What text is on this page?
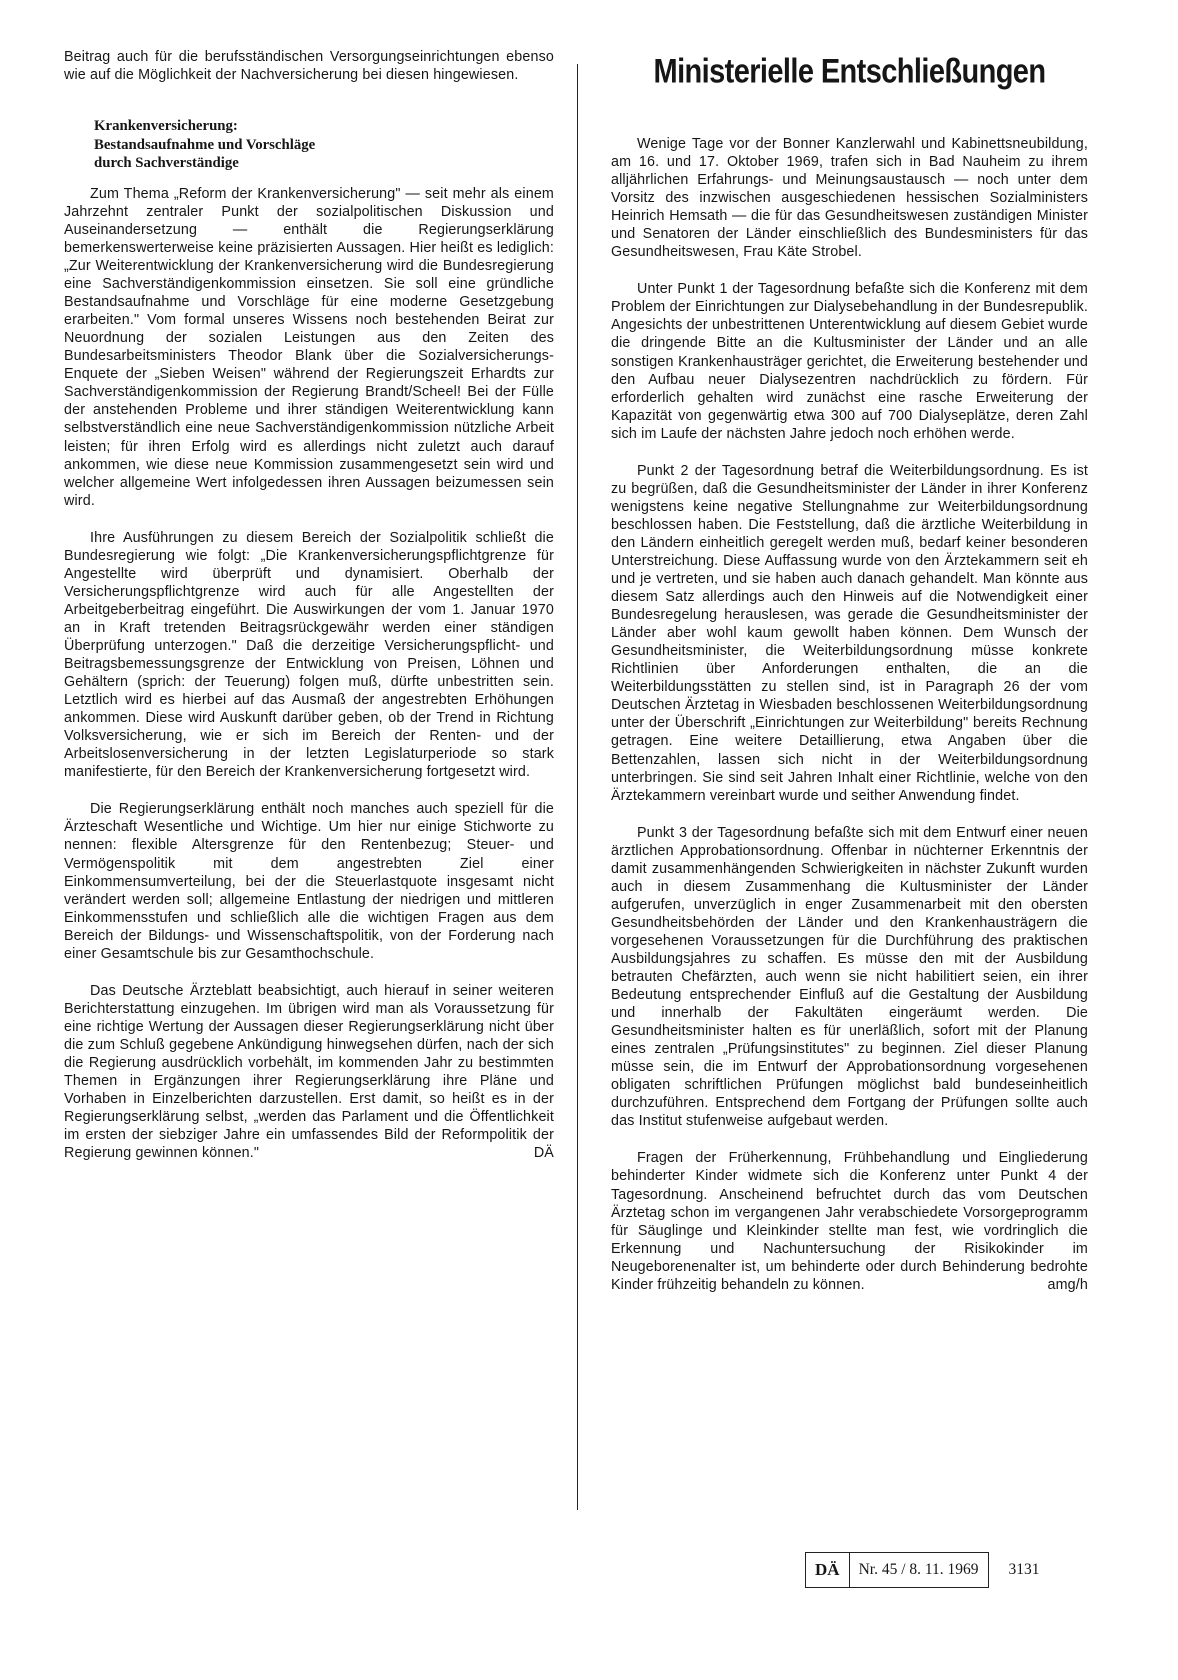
Beitrag auch für die berufsständischen Versorgungseinrichtungen ebenso wie auf die Möglichkeit der Nachversicherung bei diesen hingewiesen.

Krankenversicherung:
Bestandsaufnahme und Vorschläge
durch Sachverständige

Zum Thema „Reform der Krankenversicherung" — seit mehr als einem Jahrzehnt zentraler Punkt der sozialpolitischen Diskussion und Auseinandersetzung — enthält die Regierungserklärung bemerkenswerterweise keine präzisierten Aussagen. Hier heißt es lediglich: „Zur Weiterentwicklung der Krankenversicherung wird die Bundesregierung eine Sachverständigenkommission einsetzen. Sie soll eine gründliche Bestandsaufnahme und Vorschläge für eine moderne Gesetzgebung erarbeiten." Vom formal unseres Wissens noch bestehenden Beirat zur Neuordnung der sozialen Leistungen aus den Zeiten des Bundesarbeitsministers Theodor Blank über die Sozialversicherungs-Enquete der „Sieben Weisen" während der Regierungszeit Erhardts zur Sachverständigenkommission der Regierung Brandt/Scheel! Bei der Fülle der anstehenden Probleme und ihrer ständigen Weiterentwicklung kann selbstverständlich eine neue Sachverständigenkommission nützliche Arbeit leisten; für ihren Erfolg wird es allerdings nicht zuletzt auch darauf ankommen, wie diese neue Kommission zusammengesetzt sein wird und welcher allgemeine Wert infolgedessen ihren Aussagen beizumessen sein wird.

Ihre Ausführungen zu diesem Bereich der Sozialpolitik schließt die Bundesregierung wie folgt: „Die Krankenversicherungspflichtgrenze für Angestellte wird überprüft und dynamisiert. Oberhalb der Versicherungspflichtgrenze wird auch für alle Angestellten der Arbeitgeberbeitrag eingeführt. Die Auswirkungen der vom 1. Januar 1970 an in Kraft tretenden Beitragsrückgewähr werden einer ständigen Überprüfung unterzogen." Daß die derzeitige Versicherungspflicht- und Beitragsbemessungsgrenze der Entwicklung von Preisen, Löhnen und Gehältern (sprich: der Teuerung) folgen muß, dürfte unbestritten sein. Letztlich wird es hierbei auf das Ausmaß der angestrebten Erhöhungen ankommen. Diese wird Auskunft darüber geben, ob der Trend in Richtung Volksversicherung, wie er sich im Bereich der Renten- und der Arbeitslosenversicherung in der letzten Legislaturperiode so stark manifestierte, für den Bereich der Krankenversicherung fortgesetzt wird.

Die Regierungserklärung enthält noch manches auch speziell für die Ärzteschaft Wesentliche und Wichtige. Um hier nur einige Stichworte zu nennen: flexible Altersgrenze für den Rentenbezug; Steuer- und Vermögenspolitik mit dem angestrebten Ziel einer Einkommensumverteilung, bei der die Steuerlastquote insgesamt nicht verändert werden soll; allgemeine Entlastung der niedrigen und mittleren Einkommensstufen und schließlich alle die wichtigen Fragen aus dem Bereich der Bildungs- und Wissenschaftspolitik, von der Forderung nach einer Gesamtschule bis zur Gesamthochschule.

Das Deutsche Ärzteblatt beabsichtigt, auch hierauf in seiner weiteren Berichterstattung einzugehen. Im übrigen wird man als Voraussetzung für eine richtige Wertung der Aussagen dieser Regierungserklärung nicht über die zum Schluß gegebene Ankündigung hinwegsehen dürfen, nach der sich die Regierung ausdrücklich vorbehält, im kommenden Jahr zu bestimmten Themen in Ergänzungen ihrer Regierungserklärung ihre Pläne und Vorhaben in Einzelberichten darzustellen. Erst damit, so heißt es in der Regierungserklärung selbst, „werden das Parlament und die Öffentlichkeit im ersten der siebziger Jahre ein umfassendes Bild der Reformpolitik der Regierung gewinnen können."	DÄ

Ministerielle Entschließungen

Wenige Tage vor der Bonner Kanzlerwahl und Kabinettsneubildung, am 16. und 17. Oktober 1969, trafen sich in Bad Nauheim zu ihrem alljährlichen Erfahrungs- und Meinungsaustausch — noch unter dem Vorsitz des inzwischen ausgeschiedenen hessischen Sozialministers Heinrich Hemsath — die für das Gesundheitswesen zuständigen Minister und Senatoren der Länder einschließlich des Bundesministers für das Gesundheitswesen, Frau Käte Strobel.

Unter Punkt 1 der Tagesordnung befaßte sich die Konferenz mit dem Problem der Einrichtungen zur Dialysebehandlung in der Bundesrepublik. Angesichts der unbestrittenen Unterentwicklung auf diesem Gebiet wurde die dringende Bitte an die Kultusminister der Länder und an alle sonstigen Krankenhausträger gerichtet, die Erweiterung bestehender und den Aufbau neuer Dialysezentren nachdrücklich zu fördern. Für erforderlich gehalten wird zunächst eine rasche Erweiterung der Kapazität von gegenwärtig etwa 300 auf 700 Dialyseplätze, deren Zahl sich im Laufe der nächsten Jahre jedoch noch erhöhen werde.

Punkt 2 der Tagesordnung betraf die Weiterbildungsordnung. Es ist zu begrüßen, daß die Gesundheitsminister der Länder in ihrer Konferenz wenigstens keine negative Stellungnahme zur Weiterbildungsordnung beschlossen haben. Die Feststellung, daß die ärztliche Weiterbildung in den Ländern einheitlich geregelt werden muß, bedarf keiner besonderen Unterstreichung. Diese Auffassung wurde von den Ärztekammern seit eh und je vertreten, und sie haben auch danach gehandelt. Man könnte aus diesem Satz allerdings auch den Hinweis auf die Notwendigkeit einer Bundesregelung herauslesen, was gerade die Gesundheitsminister der Länder aber wohl kaum gewollt haben können. Dem Wunsch der Gesundheitsminister, die Weiterbildungsordnung müsse konkrete Richtlinien über Anforderungen enthalten, die an die Weiterbildungsstätten zu stellen sind, ist in Paragraph 26 der vom Deutschen Ärztetag in Wiesbaden beschlossenen Weiterbildungsordnung unter der Überschrift „Einrichtungen zur Weiterbildung" bereits Rechnung getragen. Eine weitere Detaillierung, etwa Angaben über die Bettenzahlen, lassen sich nicht in der Weiterbildungsordnung unterbringen. Sie sind seit Jahren Inhalt einer Richtlinie, welche von den Ärztekammern vereinbart wurde und seither Anwendung findet.

Punkt 3 der Tagesordnung befaßte sich mit dem Entwurf einer neuen ärztlichen Approbationsordnung. Offenbar in nüchterner Erkenntnis der damit zusammenhängenden Schwierigkeiten in nächster Zukunft wurden auch in diesem Zusammenhang die Kultusminister der Länder aufgerufen, unverzüglich in enger Zusammenarbeit mit den obersten Gesundheitsbehörden der Länder und den Krankenhausträgern die vorgesehenen Voraussetzungen für die Durchführung des praktischen Ausbildungsjahres zu schaffen. Es müsse den mit der Ausbildung betrauten Chefärzten, auch wenn sie nicht habilitiert seien, ein ihrer Bedeutung entsprechender Einfluß auf die Gestaltung der Ausbildung und innerhalb der Fakultäten eingeräumt werden. Die Gesundheitsminister halten es für unerläßlich, sofort mit der Planung eines zentralen „Prüfungsinstitutes" zu beginnen. Ziel dieser Planung müsse sein, die im Entwurf der Approbationsordnung vorgesehenen obligaten schriftlichen Prüfungen möglichst bald bundeseinheitlich durchzuführen. Entsprechend dem Fortgang der Prüfungen sollte auch das Institut stufenweise aufgebaut werden.

Fragen der Früherkennung, Frühbehandlung und Eingliederung behinderter Kinder widmete sich die Konferenz unter Punkt 4 der Tagesordnung. Anscheinend befruchtet durch das vom Deutschen Ärztetag schon im vergangenen Jahr verabschiedete Vorsorgeprogramm für Säuglinge und Kleinkinder stellte man fest, wie vordringlich die Erkennung und Nachuntersuchung der Risikokinder im Neugeborenenalter ist, um behinderte oder durch Behinderung bedrohte Kinder frühzeitig behandeln zu können.	amg/h

DÄ	Nr. 45 / 8. 11. 1969	3131
